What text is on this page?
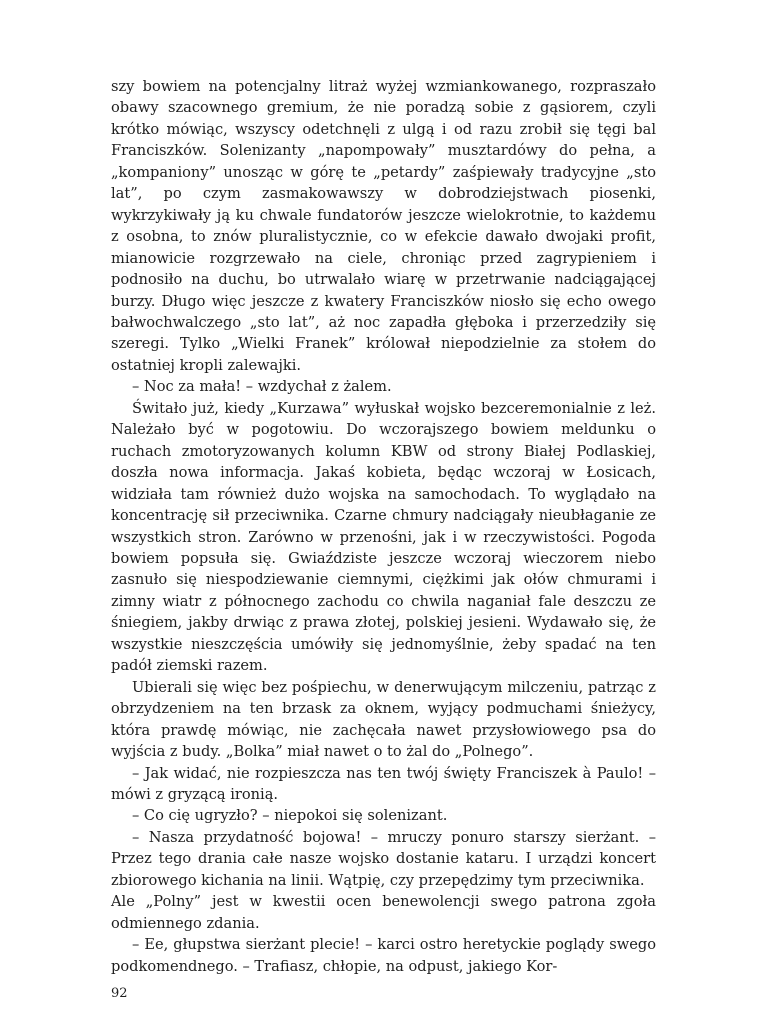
szy bowiem na potencjalny litraż wyżej wzmiankowanego, rozpraszało obawy szacownego gremium, że nie poradzą sobie z gąsiorem, czyli krótko mówiąc, wszyscy odetchnęli z ulgą i od razu zrobił się tęgi bal Franciszków. Solenizanty „napompowały” musztardówy do pełna, a „kompaniony” unosząc w górę te „petardy” zaśpiewały tradycyjne „sto lat”, po czym zasmakowawszy w dobrodziejstwach piosenki, wykrzykiwały ją ku chwale fundatorów jeszcze wielokrotnie, to każdemu z osobna, to znów pluralistycznie, co w efekcie dawało dwojaki profit, mianowicie rozgrzewało na ciele, chroniąc przed zagrypieniem i podnosiło na duchu, bo utrwalało wiarę w przetrwanie nadciągającej burzy. Długo więc jeszcze z kwatery Franciszków niosło się echo owego bałwochwalczego „sto lat”, aż noc zapadła głęboka i przerzedziły się szeregi. Tylko „Wielki Franek” królował niepodzielnie za stołem do ostatniej kropli zalewajki.

– Noc za mała! – wzdychał z żalem.

Świtało już, kiedy „Kurzawa” wyłuskał wojsko bezceremonialnie z leż. Należało być w pogotowiu. Do wczorajszego bowiem meldunku o ruchach zmotoryzowanych kolumn KBW od strony Białej Podlaskiej, doszła nowa informacja. Jakaś kobieta, będąc wczoraj w Łosicach, widziała tam również dużo wojska na samochodach. To wyglądało na koncentrację sił przeciwnika. Czarne chmury nadciągały nieubłaganie ze wszystkich stron. Zarówno w przenośni, jak i w rzeczywistości. Pogoda bowiem popsuła się. Gwiaździste jeszcze wczoraj wieczorem niebo zasnuło się niespodziewanie ciemnymi, ciężkimi jak ołów chmurami i zimny wiatr z północnego zachodu co chwila naganiał fale deszczu ze śniegiem, jakby drwiąc z prawa złotej, polskiej jesieni. Wydawało się, że wszystkie nieszczęścia umówiły się jednomyślnie, żeby spadać na ten padół ziemski razem.

Ubierali się więc bez pośpiechu, w denerwującym milczeniu, patrząc z obrzydzeniem na ten brzask za oknem, wyjący podmuchami śnieżycy, która prawdę mówiąc, nie zachęcała nawet przysłowiowego psa do wyjścia z budy. „Bolka” miał nawet o to żal do „Polnego”.

– Jak widać, nie rozpieszcza nas ten twój święty Franciszek à Paulo! – mówi z gryzącą ironią.

– Co cię ugryzło? – niepokoi się solenizant.

– Nasza przydatność bojowa! – mruczy ponuro starszy sierżant. – Przez tego drania całe nasze wojsko dostanie kataru. I urządzi koncert zbiorowego kichania na linii. Wątpię, czy przepędzimy tym przeciwnika.

Ale „Polny” jest w kwestii ocen benewolencji swego patrona zgoła odmiennego zdania.

– Ee, głupstwa sierżant plecie! – karci ostro heretyckie poglądy swego podkomendnego. – Trafiasz, chłopie, na odpust, jakiego Kor-

92
